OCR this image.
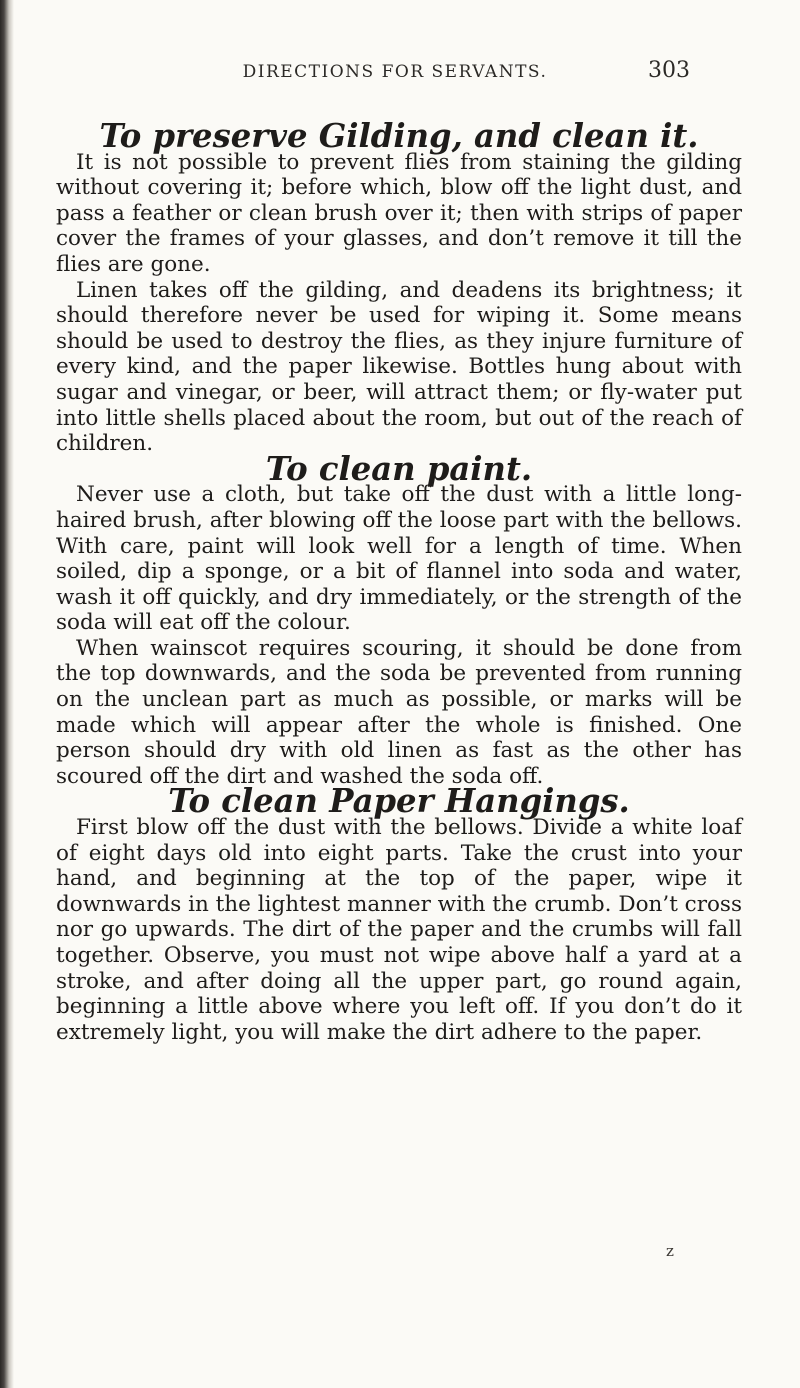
DIRECTIONS FOR SERVANTS.	303
To preserve Gilding, and clean it.

It is not possible to prevent flies from staining the gilding without covering it; before which, blow off the light dust, and pass a feather or clean brush over it; then with strips of paper cover the frames of your glasses, and don’t remove it till the flies are gone.

Linen takes off the gilding, and deadens its brightness; it should therefore never be used for wiping it. Some means should be used to destroy the flies, as they injure furniture of every kind, and the paper likewise. Bottles hung about with sugar and vinegar, or beer, will attract them; or fly-water put into little shells placed about the room, but out of the reach of children.

To clean paint.

Never use a cloth, but take off the dust with a little long-haired brush, after blowing off the loose part with the bellows. With care, paint will look well for a length of time. When soiled, dip a sponge, or a bit of flannel into soda and water, wash it off quickly, and dry immediately, or the strength of the soda will eat off the colour.

When wainscot requires scouring, it should be done from the top downwards, and the soda be prevented from running on the unclean part as much as possible, or marks will be made which will appear after the whole is finished. One person should dry with old linen as fast as the other has scoured off the dirt and washed the soda off.

To clean Paper Hangings.

First blow off the dust with the bellows. Divide a white loaf of eight days old into eight parts. Take the crust into your hand, and beginning at the top of the paper, wipe it downwards in the lightest manner with the crumb. Don’t cross nor go upwards. The dirt of the paper and the crumbs will fall together. Observe, you must not wipe above half a yard at a stroke, and after doing all the upper part, go round again, beginning a little above where you left off. If you don’t do it extremely light, you will make the dirt adhere to the paper.

z
